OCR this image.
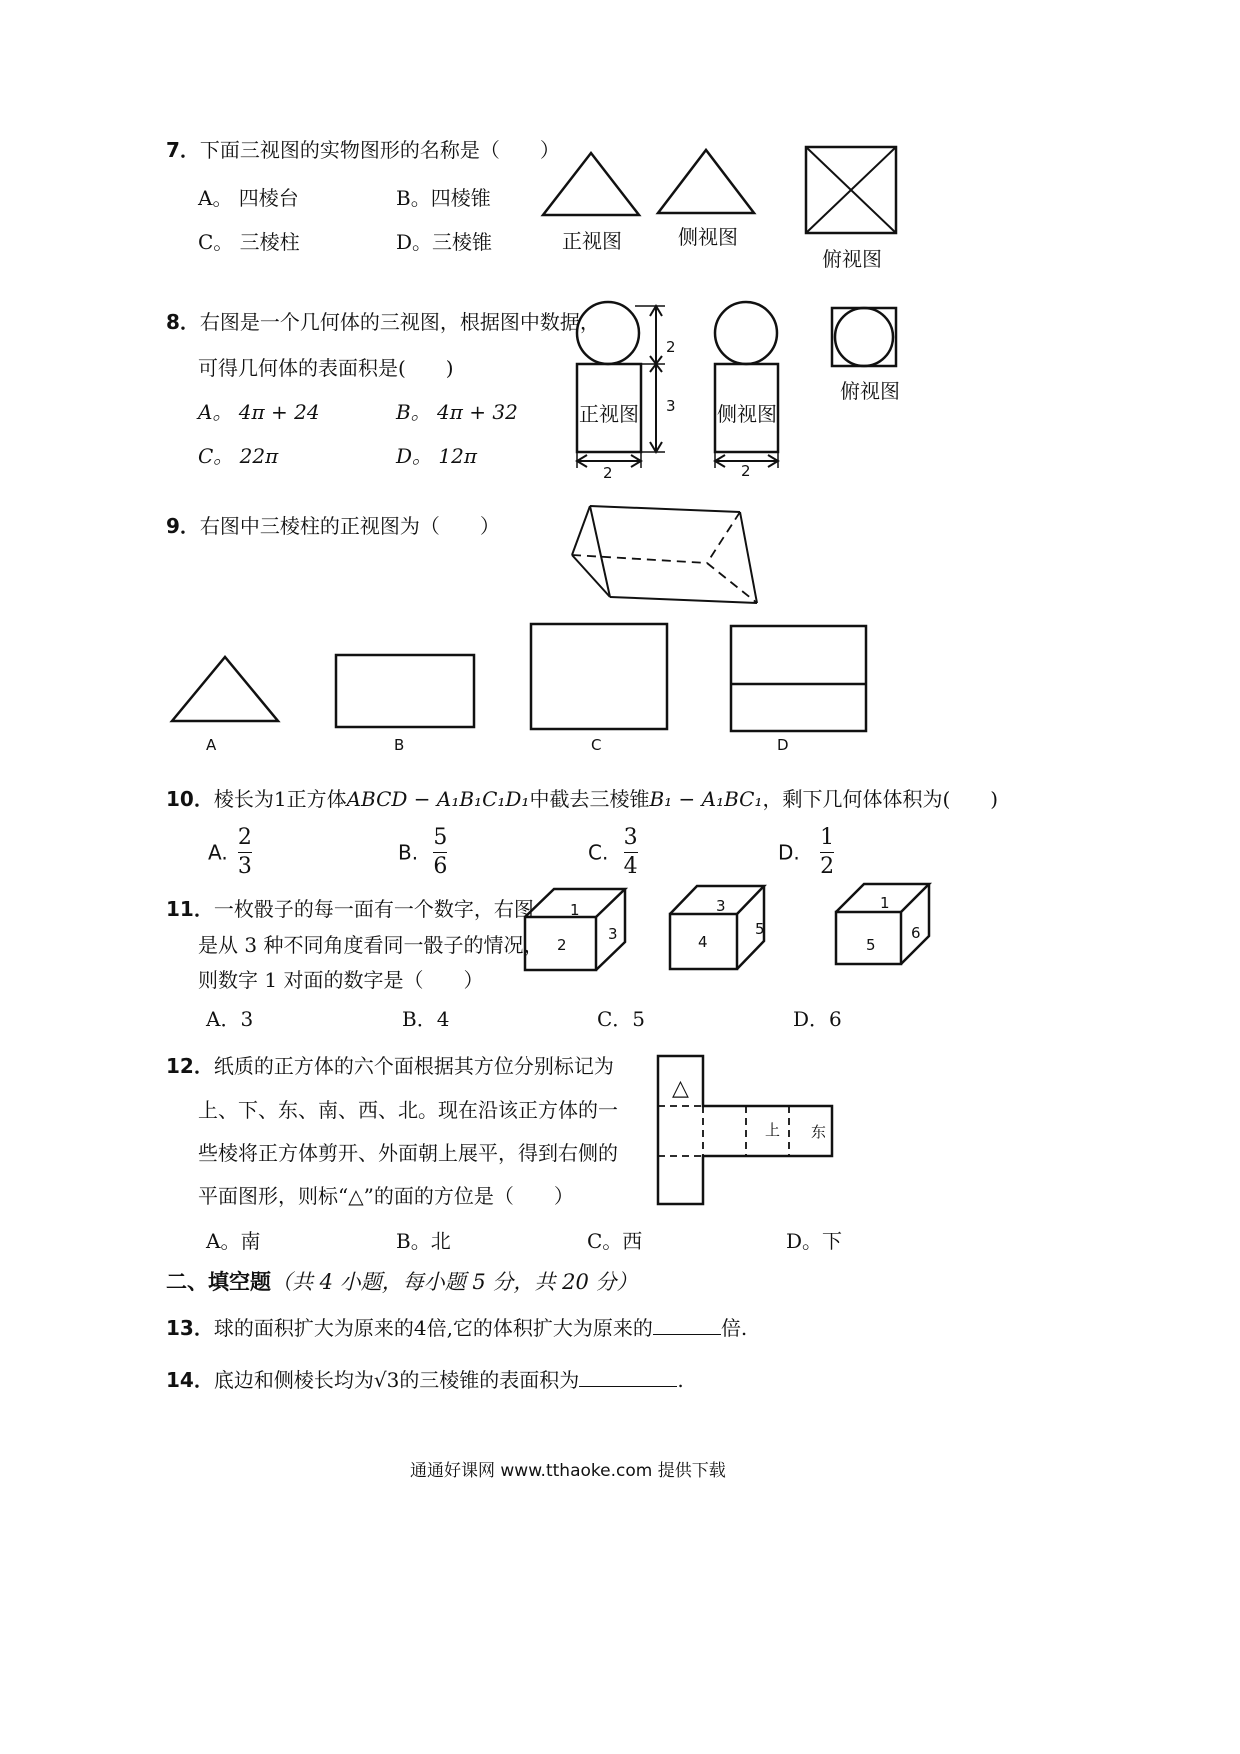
7．下面三视图的实物图形的名称是（　　）
A。 四棱台	B。四棱锥
C。 三棱柱	D。三棱锥	正视图	侧视图
俯视图
8．右图是一个几何体的三视图，根据图中数据，
可得几何体的表面积是(　　)
A。 4π + 24	B。 4π + 32
C。 22π	D。 12π
正视图	侧视图
俯视图
2
3
2	2
9．右图中三棱柱的正视图为（　　）
A	B	C	D
10．棱长为1正方体ABCD − A₁B₁C₁D₁中截去三棱锥B₁ − A₁BC₁，剩下几何体体积为(　　)
A. $\frac{2}{3}$	B. $\frac{5}{6}$	C. $\frac{3}{4}$	D. $\frac{1}{2}$
11．一枚骰子的每一面有一个数字，右图
是从 3 种不同角度看同一骰子的情况，
则数字 1 对面的数字是（　　）
A．3	B．4	C．5	D．6
1
2
3
3
4
5
1
5
6
12．纸质的正方体的六个面根据其方位分别标记为
上、下、东、南、西、北。现在沿该正方体的一
些棱将正方体剪开、外面朝上展平，得到右侧的
平面图形，则标“△”的面的方位是（　　）
A。南	B。北	C。西	D。下
△
上 东
二、填空题（共 4 小题，每小题 5 分，共 20 分）
13．球的面积扩大为原来的4倍,它的体积扩大为原来的	倍.
14．底边和侧棱长均为√3的三棱锥的表面积为	.
通通好课网 www.tthaoke.com 提供下载
